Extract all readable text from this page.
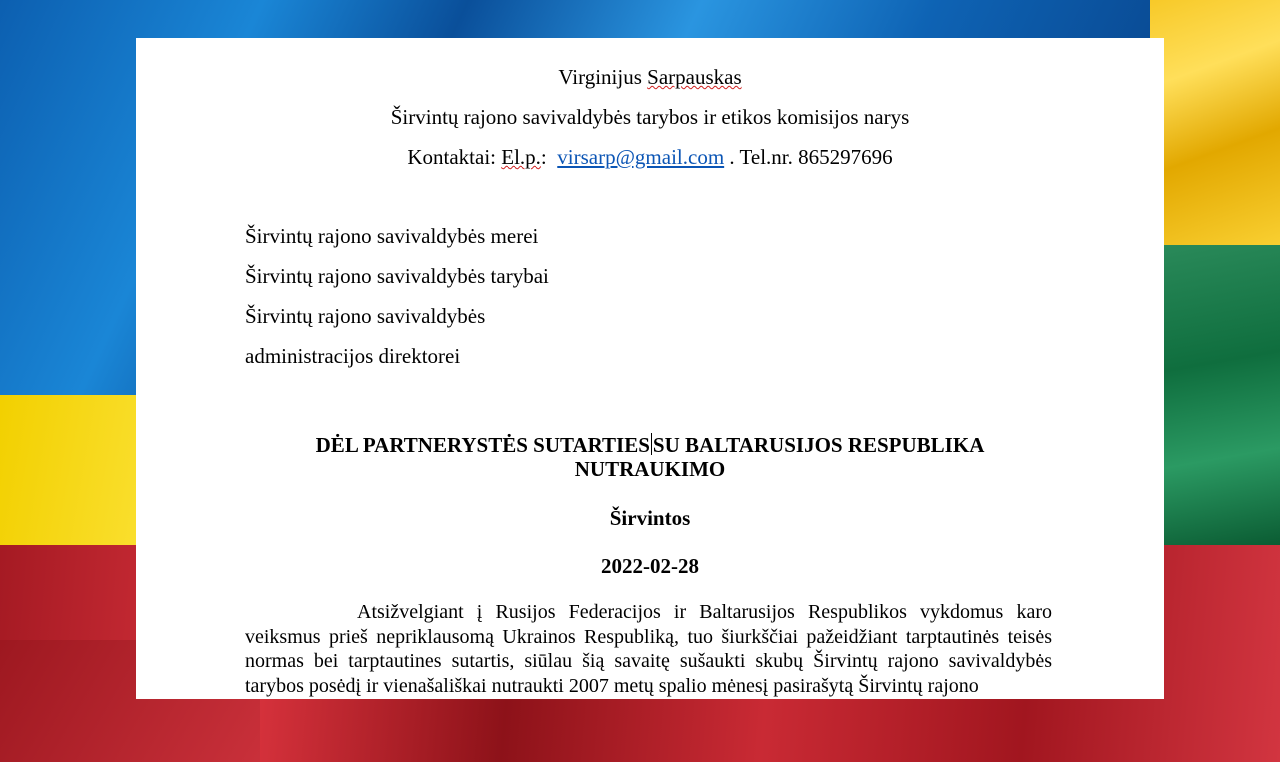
Virginijus Sarpauskas
Širvintų rajono savivaldybės tarybos ir etikos komisijos narys
Kontaktai: El.p.:  virsarp@gmail.com . Tel.nr. 865297696
Širvintų rajono savivaldybės merei
Širvintų rajono savivaldybės tarybai
Širvintų rajono savivaldybės
administracijos direktorei
DĖL PARTNERYSTĖS SUTARTIES SU BALTARUSIJOS RESPUBLIKA
NUTRAUKIMO
Širvintos
2022-02-28
Atsižvelgiant į Rusijos Federacijos ir Baltarusijos Respublikos vykdomus karo veiksmus prieš nepriklausomą Ukrainos Respubliką, tuo šiurkščiai pažeidžiant tarptautinės teisės normas bei tarptautines sutartis, siūlau šią savaitę sušaukti skubų Širvintų rajono savivaldybės tarybos posėdį ir vienašališkai nutraukti 2007 metų spalio mėnesį pasirašytą Širvintų rajono
